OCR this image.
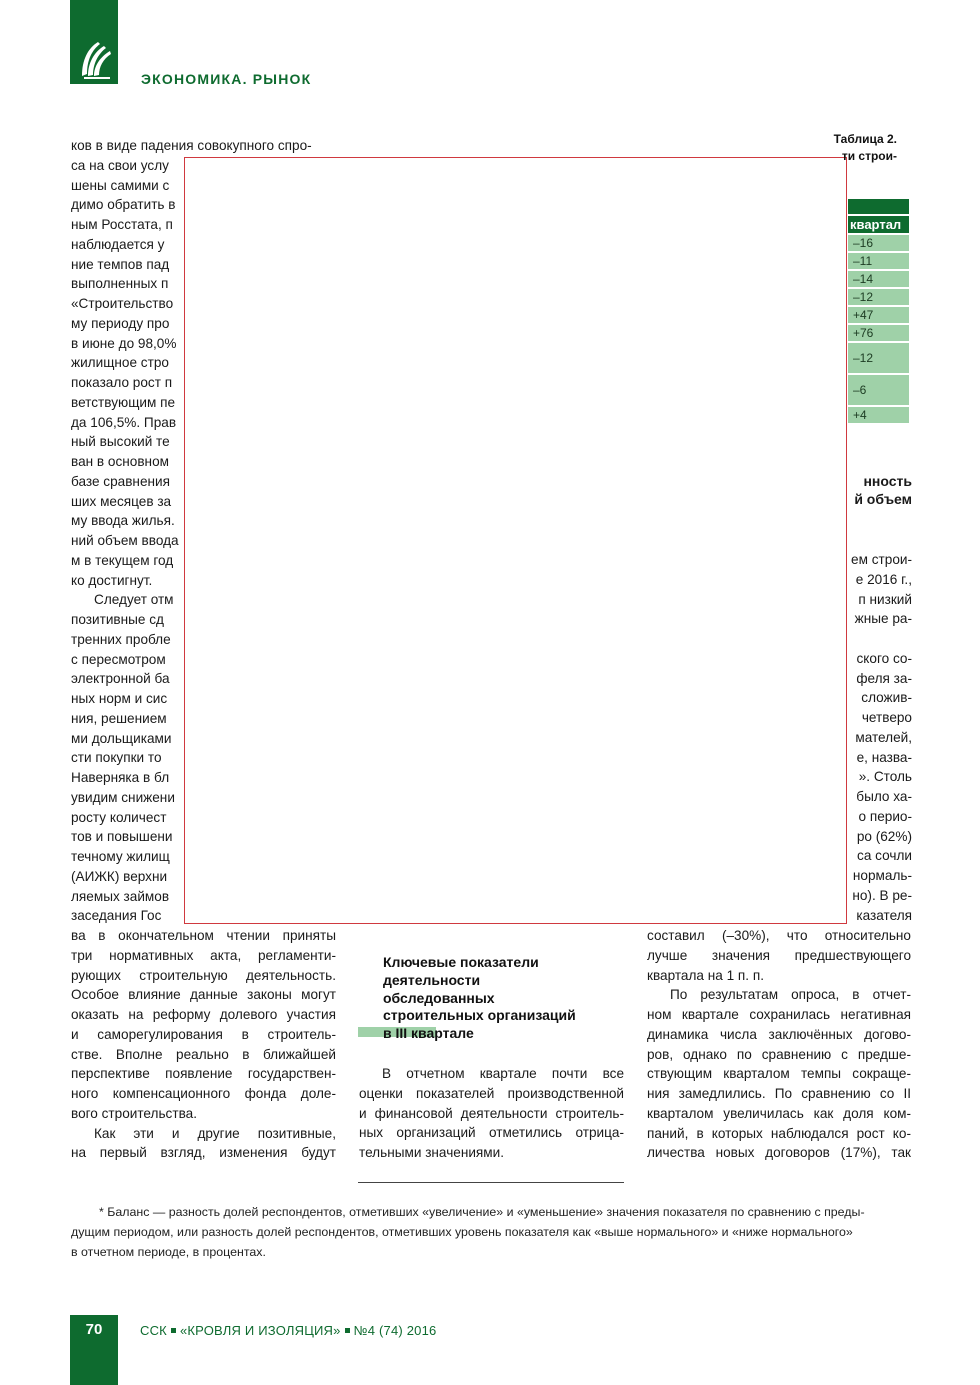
ЭКОНОМИКА. РЫНОК
ков в виде падения совокупного спро-
са на свои услу
шены самими с
димо обратить в
ным Росстата, п
наблюдается у
ние темпов пад
выполненных п
«Строительство
му периоду про
в июне до 98,0%
жилищное стро
показало рост п
ветствующим пе
да 106,5%. Прав
ный высокий те
ван в основном
базе сравнения
ших месяцев за
му ввода жилья.
ний объем ввода
м в текущем год
ко достигнут.
Следует отм
позитивные сд
тренних пробле
с пересмотром
электронной ба
ных норм и сис
ния, решением
ми дольщиками
сти покупки то
Наверняка в бл
увидим снижени
росту количест
тов и повышени
течному жилищ
(АИЖК) верхни
ляемых займов
заседания Гос
ва в окончательном чтении приняты
три нормативных акта, регламенти-
рующих строительную деятельность.
Особое влияние данные законы могут
оказать на реформу долевого участия
и саморегулирования в строитель-
стве. Вполне реально в ближайшей
перспективе появление государствен-
ного компенсационного фонда доле-
вого строительства.
Как эти и другие позитивные,
на первый взгляд, изменения будут
Ключевые показатели
деятельности
обследованных
строительных организаций
в III квартале
В отчетном квартале почти все
оценки показателей производственной
и финансовой деятельности строитель-
ных организаций отметились отрица-
тельными значениями.
Таблица 2.
ти строи-
квартал
–16
–11
–14
–12
+47
+76
–12
–6
+4
нность
й объем
ем строи-
е 2016 г.,
п низкий
жные ра-
ского со-
феля за-
сложив-
четверо
мателей,
е, назва-
». Столь
было ха-
о перио-
ро (62%)
са сочли
нормаль-
но). В ре-
казателя
составил (–30%), что относительно
лучше значения предшествующего
квартала на 1 п. п.
По результатам опроса, в отчет-
ном квартале сохранилась негативная
динамика числа заключённых догово-
ров, однако по сравнению с предше-
ствующим кварталом темпы сокраще-
ния замедлились. По сравнению со II
кварталом увеличилась как доля ком-
паний, в которых наблюдался рост ко-
личества новых договоров (17%), так
* Баланс — разность долей респондентов, отметивших «увеличение» и «уменьшение» значения показателя по сравнению с преды-
дущим периодом, или разность долей респондентов, отметивших уровень показателя как «выше нормального» и «ниже нормального»
в отчетном периоде, в процентах.
70	ССК «КРОВЛЯ И ИЗОЛЯЦИЯ» №4 (74) 2016
